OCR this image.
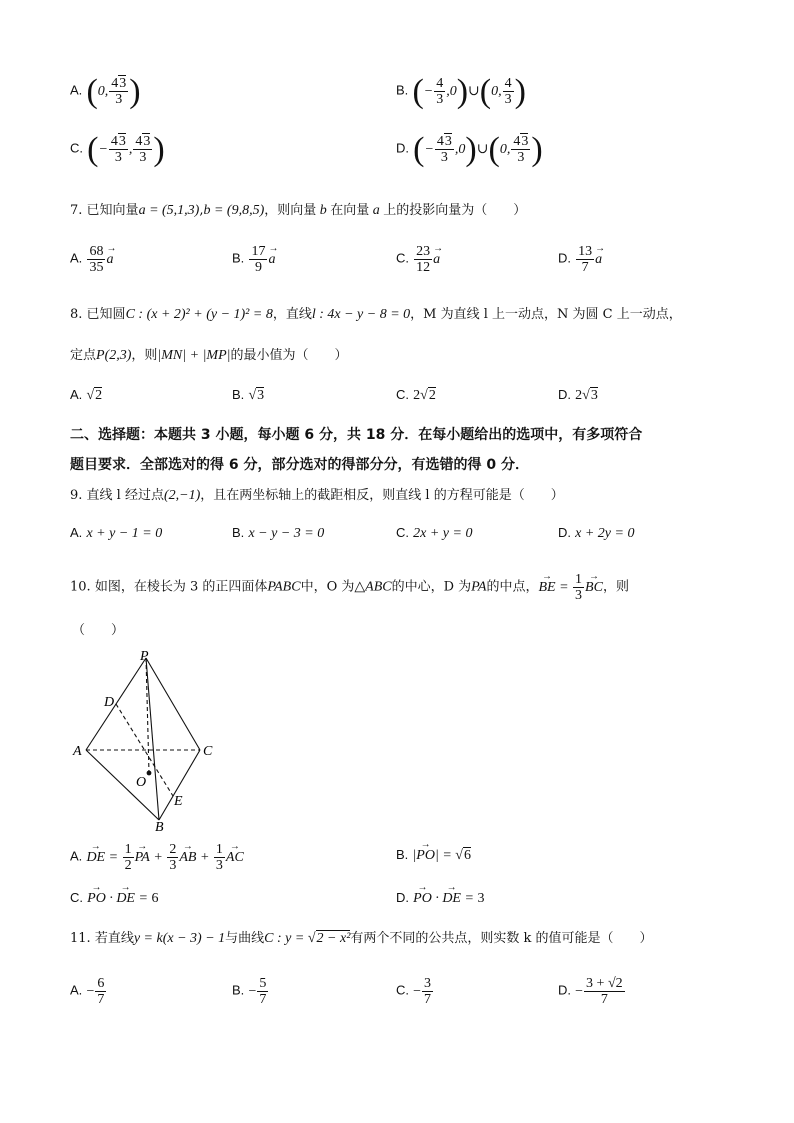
A. (0, $\frac{43}{3}$ )	B. (− $\frac{4}{3}$ ,0)∪(0, $\frac{4}{3}$ )
C. (− $\frac{43}{3}$ , $\frac{43}{3}$ )	D. (− $\frac{43}{3}$ ,0)∪(0, $\frac{43}{3}$ )
7. 已知向量a = (5,1,3),b = (9,8,5)，则向量 b 在向量 a 上的投影向量为（　　）
A. $\frac{68}{35}$
→ a	B. $\frac{17}{9}$
→ a	C. $\frac{23}{12}$
→ a	D. $\frac{13}{7}$
→ a
8. 已知圆C : (x + 2)² + (y − 1)² = 8，直线l : 4x − y − 8 = 0，M 为直线 l 上一动点，N 为圆 C 上一动点，
定点P(2,3)，则|MN| + |MP|的最小值为（　　）
A. √2	B. √3	C. 2√2	D. 2√3
二、选择题：本题共 3 小题，每小题 6 分，共 18 分．在每小题给出的选项中，有多项符合
题目要求．全部选对的得 6 分，部分选对的得部分分，有选错的得 0 分．
9. 直线 l 经过点(2,−1)，且在两坐标轴上的截距相反，则直线 l 的方程可能是（　　）
A. x + y − 1 = 0	B. x − y − 3 = 0	C. 2x + y = 0	D. x + 2y = 0
10. 如图，在棱长为 3 的正四面体PABC中，O 为△ABC的中心，D 为PA的中点，→ BE = $\frac{1}{3}$
→ BC，则
（　　）
P
D
A	C
O
E
B
A. → DE = $\frac{1}{2}$
→ PA + $\frac{2}{3}$
→ AB + $\frac{1}{3}$
→ AC	B. |→ PO| = √6
C. → PO · → DE = 6	D. → PO · → DE = 3
11. 若直线y = k(x − 3) − 1与曲线C : y = √2 − x²有两个不同的公共点，则实数 k 的值可能是（　　）
A. − $\frac{6}{7}$	B. − $\frac{5}{7}$	C. − $\frac{3}{7}$	D. − $\frac{3 + √2}{7}$
